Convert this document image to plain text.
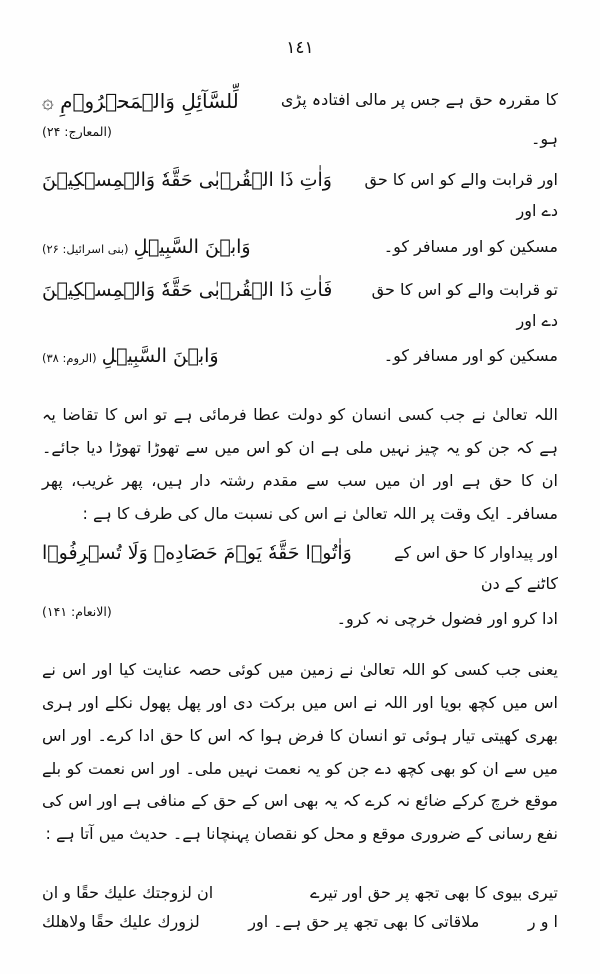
١٤١
لِّلسَّآئِلِ وَالۡمَحۡرُوۡمِ ۞	کا مقررہ حق ہے جس پر مالی افتادہ پڑی
(المعارج: ۲۴)	ہو۔
وَاٰتِ ذَا الۡقُرۡبٰی حَقَّهٗ وَالۡمِسۡكِيۡنَ	اور قرابت والے کو اس کا حق دے اور
وَابۡنَ السَّبِيۡلِ (بنی اسرائیل: ۲۶)	مسکین کو اور مسافر کو۔
فَاٰتِ ذَا الۡقُرۡبٰی حَقَّهٗ وَالۡمِسۡكِيۡنَ	تو قرابت والے کو اس کا حق دے اور
وَابۡنَ السَّبِيۡلِ (الروم: ۳۸)	مسکین کو اور مسافر کو۔
اللہ تعالیٰ نے جب کسی انسان کو دولت عطا فرمائی ہے تو اس کا تقاضا یہ ہے کہ جن کو یہ چیز نہیں ملی ہے ان کو اس میں سے تھوڑا تھوڑا دیا جائے۔ ان کا حق ہے اور ان میں سب سے مقدم رشتہ دار ہیں، پھر غریب، پھر مسافر۔ ایک وقت پر اللہ تعالیٰ نے اس کی نسبت مال کی طرف کا ہے :
وَاٰتُوۡا حَقَّهٗ يَوۡمَ حَصَادِهٖ وَلَا تُسۡرِفُوۡا	اور پیداوار کا حق اس کے کاٹنے کے دن
(الانعام: ۱۴۱)	ادا کرو اور فضول خرچی نہ کرو۔
یعنی جب کسی کو اللہ تعالیٰ نے زمین میں کوئی حصہ عنایت کیا اور اس نے اس میں کچھ بویا اور اللہ نے اس میں برکت دی اور پھل پھول نکلے اور ہری بھری کھیتی تیار ہوئی تو انسان کا فرض ہوا کہ اس کا حق ادا کرے۔ اور اس میں سے ان کو بھی کچھ دے جن کو یہ نعمت نہیں ملی۔ اور اس نعمت کو بلے موقع خرچ کرکے ضائع نہ کرے کہ یہ بھی اس کے حق کے منافی ہے اور اس کی نفع رسانی کے ضروری موقع و محل کو نقصان پہنچانا ہے۔ حدیث میں آتا ہے :
ان لزوجتك عليك حقًا و ان	تیری بیوی کا بھی تجھ پر حق اور تیرے
لزورك عليك حقًا ولاهلك	ملاقاتی کا بھی تجھ پر حق ہے۔ اور	ا و ر
